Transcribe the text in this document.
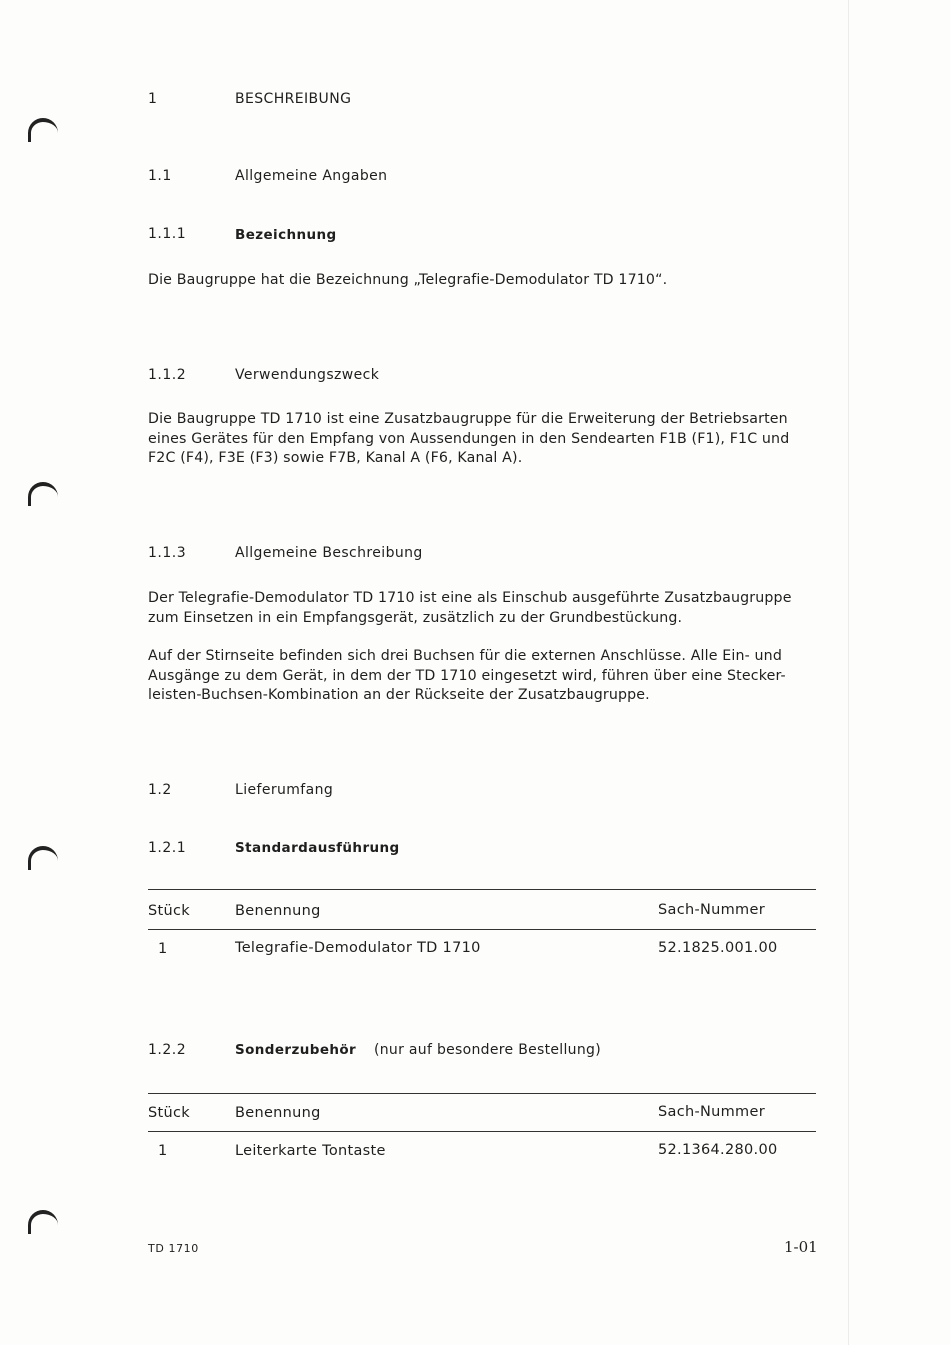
1	BESCHREIBUNG
1.1	Allgemeine Angaben
1.1.1	Bezeichnung
Die Baugruppe hat die Bezeichnung „Telegrafie-Demodulator TD 1710“.
1.1.2	Verwendungszweck
Die Baugruppe TD 1710 ist eine Zusatzbaugruppe für die Erweiterung der Betriebsarten eines Gerätes für den Empfang von Aussendungen in den Sendearten F1B (F1), F1C und F2C (F4), F3E (F3) sowie F7B, Kanal A (F6, Kanal A).
1.1.3	Allgemeine Beschreibung
Der Telegrafie-Demodulator TD 1710 ist eine als Einschub ausgeführte Zusatzbaugruppe zum Einsetzen in ein Empfangsgerät, zusätzlich zu der Grundbestückung.
Auf der Stirnseite befinden sich drei Buchsen für die externen Anschlüsse. Alle Ein- und Ausgänge zu dem Gerät, in dem der TD 1710 eingesetzt wird, führen über eine Stecker-leisten-Buchsen-Kombination an der Rückseite der Zusatzbaugruppe.
1.2	Lieferumfang
1.2.1	Standardausführung
Stück	Benennung	Sach-Nummer
1	Telegrafie-Demodulator TD 1710	52.1825.001.00
1.2.2	Sonderzubehör (nur auf besondere Bestellung)
Stück	Benennung	Sach-Nummer
1	Leiterkarte Tontaste	52.1364.280.00
TD 1710	1-01
